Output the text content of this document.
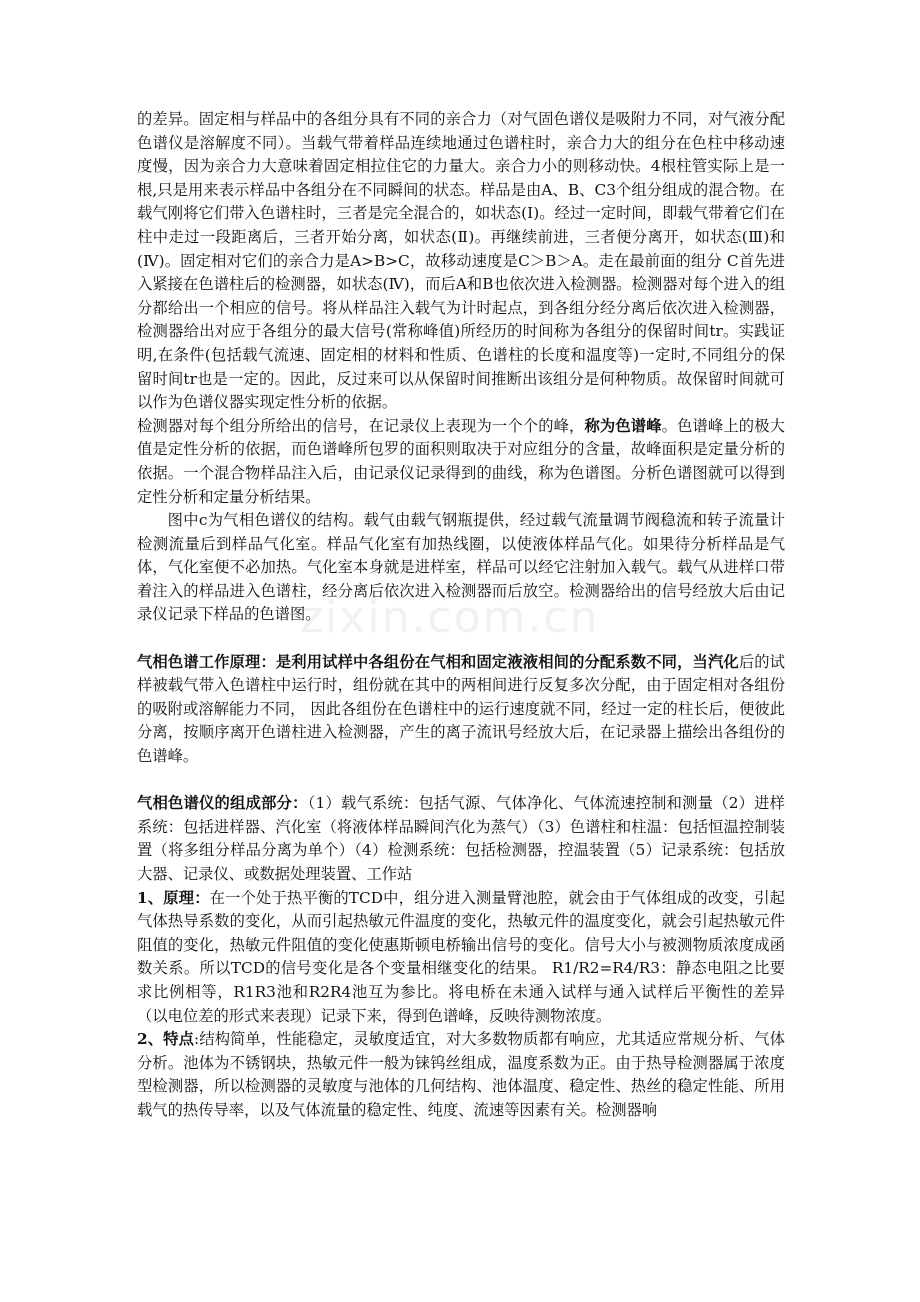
zixin.com.cn

的差异。固定相与样品中的各组分具有不同的亲合力（对气固色谱仪是吸附力不同，对气液分配色谱仪是溶解度不同）。当载气带着样品连续地通过色谱柱时，亲合力大的组分在色柱中移动速度慢，因为亲合力大意味着固定相拉住它的力量大。亲合力小的则移动快。4根柱管实际上是一根,只是用来表示样品中各组分在不同瞬间的状态。样品是由A、B、C3个组分组成的混合物。在载气刚将它们带入色谱柱时，三者是完全混合的，如状态(Ⅰ)。经过一定时间，即载气带着它们在柱中走过一段距离后，三者开始分离，如状态(Ⅱ)。再继续前进，三者便分离开，如状态(Ⅲ)和(Ⅳ)。固定相对它们的亲合力是A>B>C，故移动速度是C＞B＞A。走在最前面的组分 C首先进入紧接在色谱柱后的检测器，如状态(Ⅳ)，而后A和B也依次进入检测器。检测器对每个进入的组分都给出一个相应的信号。将从样品注入载气为计时起点，到各组分经分离后依次进入检测器，检测器给出对应于各组分的最大信号(常称峰值)所经历的时间称为各组分的保留时间tr。实践证明,在条件(包括载气流速、固定相的材料和性质、色谱柱的长度和温度等)一定时,不同组分的保留时间tr也是一定的。因此，反过来可以从保留时间推断出该组分是何种物质。故保留时间就可以作为色谱仪器实现定性分析的依据。

检测器对每个组分所给出的信号，在记录仪上表现为一个个的峰，称为色谱峰。色谱峰上的极大值是定性分析的依据，而色谱峰所包罗的面积则取决于对应组分的含量，故峰面积是定量分析的依据。一个混合物样品注入后，由记录仪记录得到的曲线，称为色谱图。分析色谱图就可以得到定性分析和定量分析结果。

图中c为气相色谱仪的结构。载气由载气钢瓶提供，经过载气流量调节阀稳流和转子流量计检测流量后到样品气化室。样品气化室有加热线圈，以使液体样品气化。如果待分析样品是气体，气化室便不必加热。气化室本身就是进样室，样品可以经它注射加入载气。载气从进样口带着注入的样品进入色谱柱，经分离后依次进入检测器而后放空。检测器给出的信号经放大后由记录仪记录下样品的色谱图。

气相色谱工作原理：是利用试样中各组份在气相和固定液液相间的分配系数不同，当汽化后的试样被载气带入色谱柱中运行时，组份就在其中的两相间进行反复多次分配，由于固定相对各组份的吸附或溶解能力不同， 因此各组份在色谱柱中的运行速度就不同，经过一定的柱长后，便彼此分离，按顺序离开色谱柱进入检测器，产生的离子流讯号经放大后，在记录器上描绘出各组份的色谱峰。

气相色谱仪的组成部分：（1）载气系统：包括气源、气体净化、气体流速控制和测量（2）进样系统：包括进样器、汽化室（将液体样品瞬间汽化为蒸气）（3）色谱柱和柱温：包括恒温控制装置（将多组分样品分离为单个）（4）检测系统：包括检测器，控温装置（5）记录系统：包括放大器、记录仪、或数据处理装置、工作站

1、原理：在一个处于热平衡的TCD中，组分进入测量臂池腔，就会由于气体组成的改变，引起气体热导系数的变化，从而引起热敏元件温度的变化，热敏元件的温度变化，就会引起热敏元件阻值的变化，热敏元件阻值的变化使惠斯顿电桥输出信号的变化。信号大小与被测物质浓度成函数关系。所以TCD的信号变化是各个变量相继变化的结果。 R1/R2=R4/R3：静态电阻之比要求比例相等，R1R3池和R2R4池互为参比。将电桥在未通入试样与通入试样后平衡性的差异（以电位差的形式来表现）记录下来，得到色谱峰，反映待测物浓度。

2、特点:结构简单，性能稳定，灵敏度适宜，对大多数物质都有响应，尤其适应常规分析、气体分析。池体为不锈钢块，热敏元件一般为铼钨丝组成，温度系数为正。由于热导检测器属于浓度型检测器，所以检测器的灵敏度与池体的几何结构、池体温度、稳定性、热丝的稳定性能、所用载气的热传导率，以及气体流量的稳定性、纯度、流速等因素有关。检测器响
